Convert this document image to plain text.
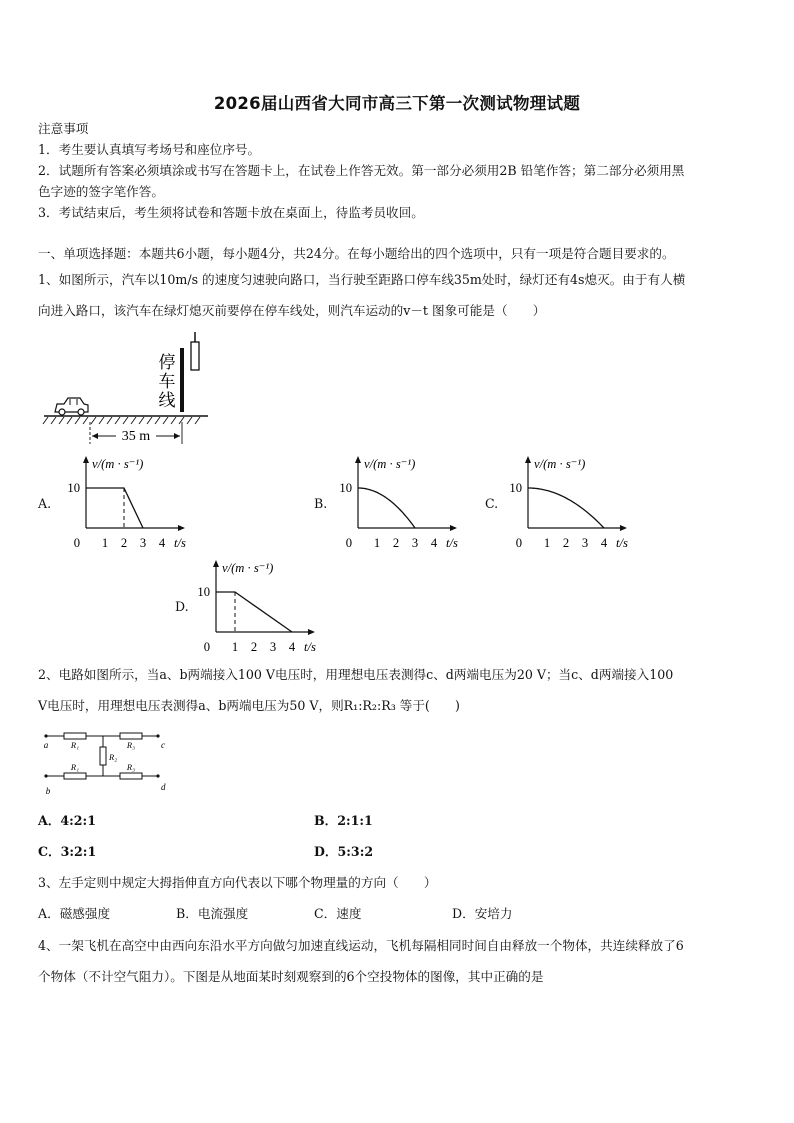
2026届山西省大同市高三下第一次测试物理试题
注意事项
1．考生要认真填写考场号和座位序号。
2．试题所有答案必须填涂或书写在答题卡上，在试卷上作答无效。第一部分必须用2B 铅笔作答；第二部分必须用黑
色字迹的签字笔作答。
3．考试结束后，考生须将试卷和答题卡放在桌面上，待监考员收回。
一、单项选择题：本题共6小题，每小题4分，共24分。在每小题给出的四个选项中，只有一项是符合题目要求的。
1、如图所示，汽车以10m/s 的速度匀速驶向路口，当行驶至距路口停车线35m处时，绿灯还有4s熄灭。由于有人横
向进入路口，该汽车在绿灯熄灭前要停在停车线处，则汽车运动的v－t 图象可能是（　　）
停
车
线
35 m
A.
v/(m · s⁻¹)
10
0 1 2 3 4 t/s
B.
v/(m · s⁻¹)
10
0 1 2 3 4 t/s
C.
v/(m · s⁻¹)
10
0 1 2 3 4 t/s
D.
v/(m · s⁻¹)
10
0 1 2 3 4 t/s
2、电路如图所示，当a、b两端接入100 V电压时，用理想电压表测得c、d两端电压为20 V；当c、d两端接入100
V电压时，用理想电压表测得a、b两端电压为50 V，则R₁:R₂:R₃ 等于(　　)
a
b
c
d
R₁
R₁
R₃
R₃
R₂
A．4:2:1	B．2:1:1
C．3:2:1	D．5:3:2
3、左手定则中规定大拇指伸直方向代表以下哪个物理量的方向（　　）
A．磁感强度	B．电流强度	C．速度	D．安培力
4、一架飞机在高空中由西向东沿水平方向做匀加速直线运动，飞机每隔相同时间自由释放一个物体，共连续释放了6
个物体（不计空气阻力）。下图是从地面某时刻观察到的6个空投物体的图像，其中正确的是
